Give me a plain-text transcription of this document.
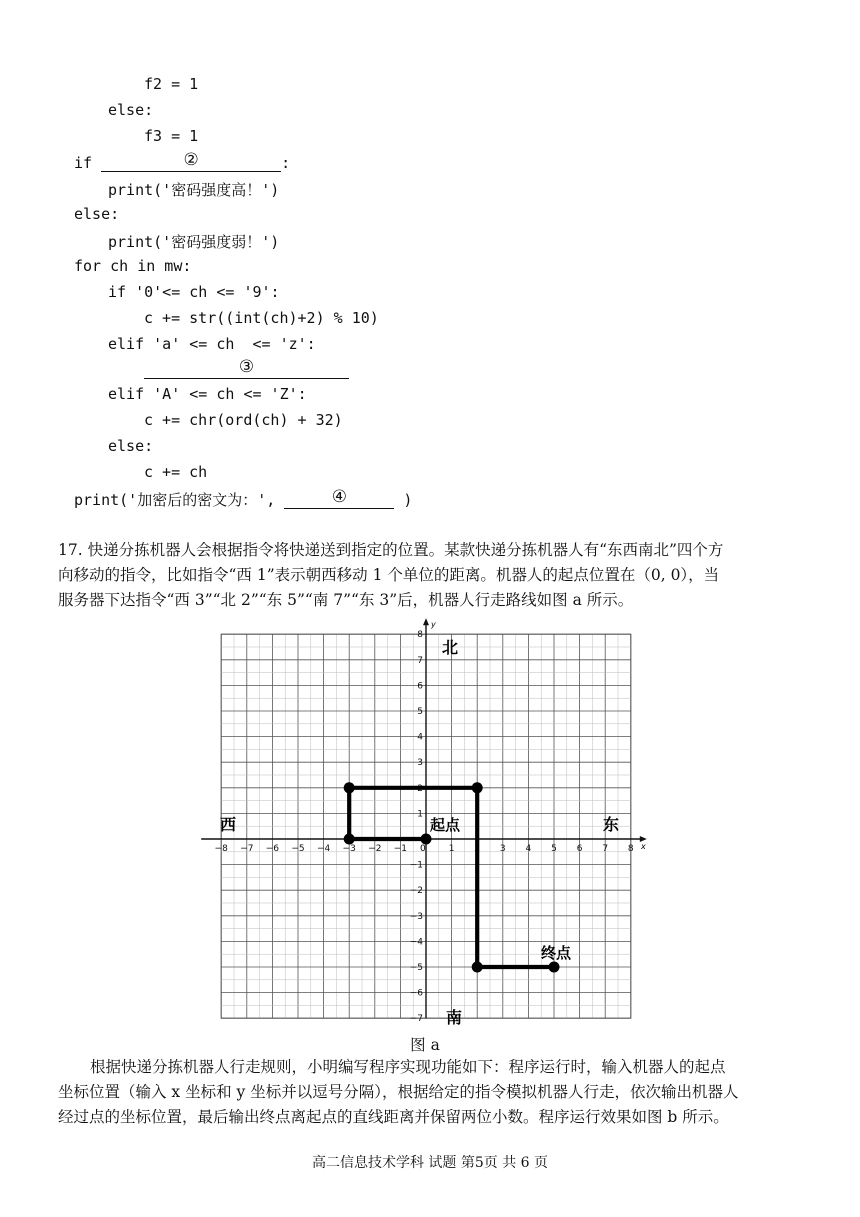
f2 = 1
else:
f3 = 1
if	②	:
print('密码强度高！')
else:
print('密码强度弱！')
for ch in mw:
if '0'<= ch <= '9':
c += str((int(ch)+2) % 10)
elif 'a' <= ch  <= 'z':
③
elif 'A' <= ch <= 'Z':
c += chr(ord(ch) + 32)
else:
c += ch
print('加密后的密文为：',	④	)
17. 快递分拣机器人会根据指令将快递送到指定的位置。某款快递分拣机器人有“东西南北”四个方
向移动的指令，比如指令“西 1”表示朝西移动 1 个单位的距离。机器人的起点位置在（0, 0），当
服务器下达指令“西 3”“北 2”“东 5”“南 7”“东 3”后，机器人行走路线如图 a 所示。
−8 −7 −6 −5 −4 −3 −2 −1	1 2 3 4 5 6 7 8
−7
−6
−5
−4
−3
−2
−1
1
2
3
4
5
6
7
8
北
南
西	东
起点
终点
x
y
0
图 a
根据快递分拣机器人行走规则，小明编写程序实现功能如下：程序运行时，输入机器人的起点
坐标位置（输入 x 坐标和 y 坐标并以逗号分隔），根据给定的指令模拟机器人行走，依次输出机器人
经过点的坐标位置，最后输出终点离起点的直线距离并保留两位小数。程序运行效果如图 b 所示。
高二信息技术学科 试题 第5页 共 6 页
